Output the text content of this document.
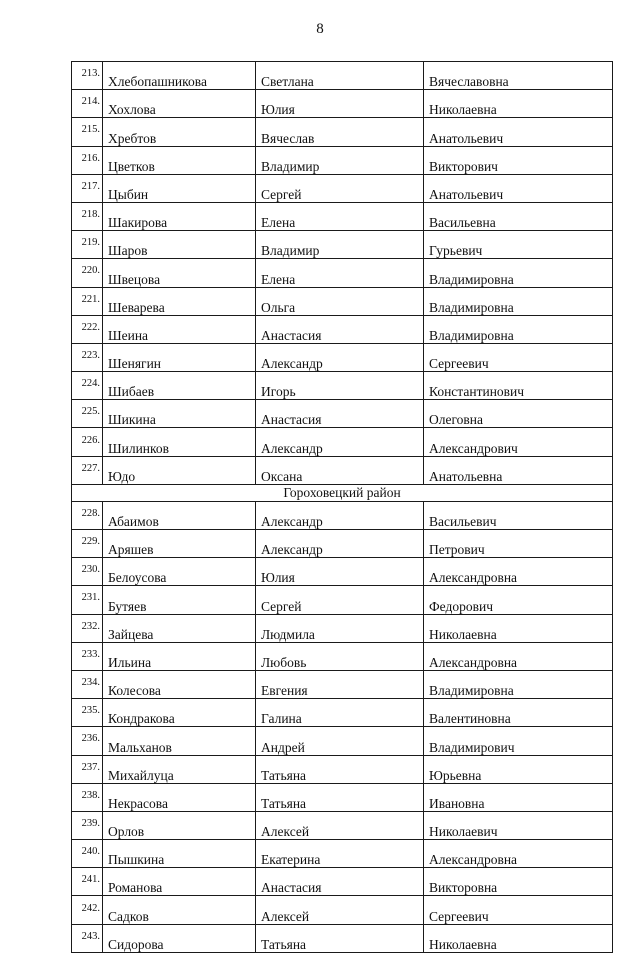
8
213.	Хлебопашникова	Светлана	Вячеславовна
214.	Хохлова	Юлия	Николаевна
215.	Хребтов	Вячеслав	Анатольевич
216.	Цветков	Владимир	Викторович
217.	Цыбин	Сергей	Анатольевич
218.	Шакирова	Елена	Васильевна
219.	Шаров	Владимир	Гурьевич
220.	Швецова	Елена	Владимировна
221.	Шеварева	Ольга	Владимировна
222.	Шеина	Анастасия	Владимировна
223.	Шенягин	Александр	Сергеевич
224.	Шибаев	Игорь	Константинович
225.	Шикина	Анастасия	Олеговна
226.	Шилинков	Александр	Александрович
227.	Юдо	Оксана	Анатольевна
Гороховецкий район			
228.	Абаимов	Александр	Васильевич
229.	Аряшев	Александр	Петрович
230.	Белоусова	Юлия	Александровна
231.	Бутяев	Сергей	Федорович
232.	Зайцева	Людмила	Николаевна
233.	Ильина	Любовь	Александровна
234.	Колесова	Евгения	Владимировна
235.	Кондракова	Галина	Валентиновна
236.	Мальханов	Андрей	Владимирович
237.	Михайлуца	Татьяна	Юрьевна
238.	Некрасова	Татьяна	Ивановна
239.	Орлов	Алексей	Николаевич
240.	Пышкина	Екатерина	Александровна
241.	Романова	Анастасия	Викторовна
242.	Садков	Алексей	Сергеевич
243.	Сидорова	Татьяна	Николаевна
